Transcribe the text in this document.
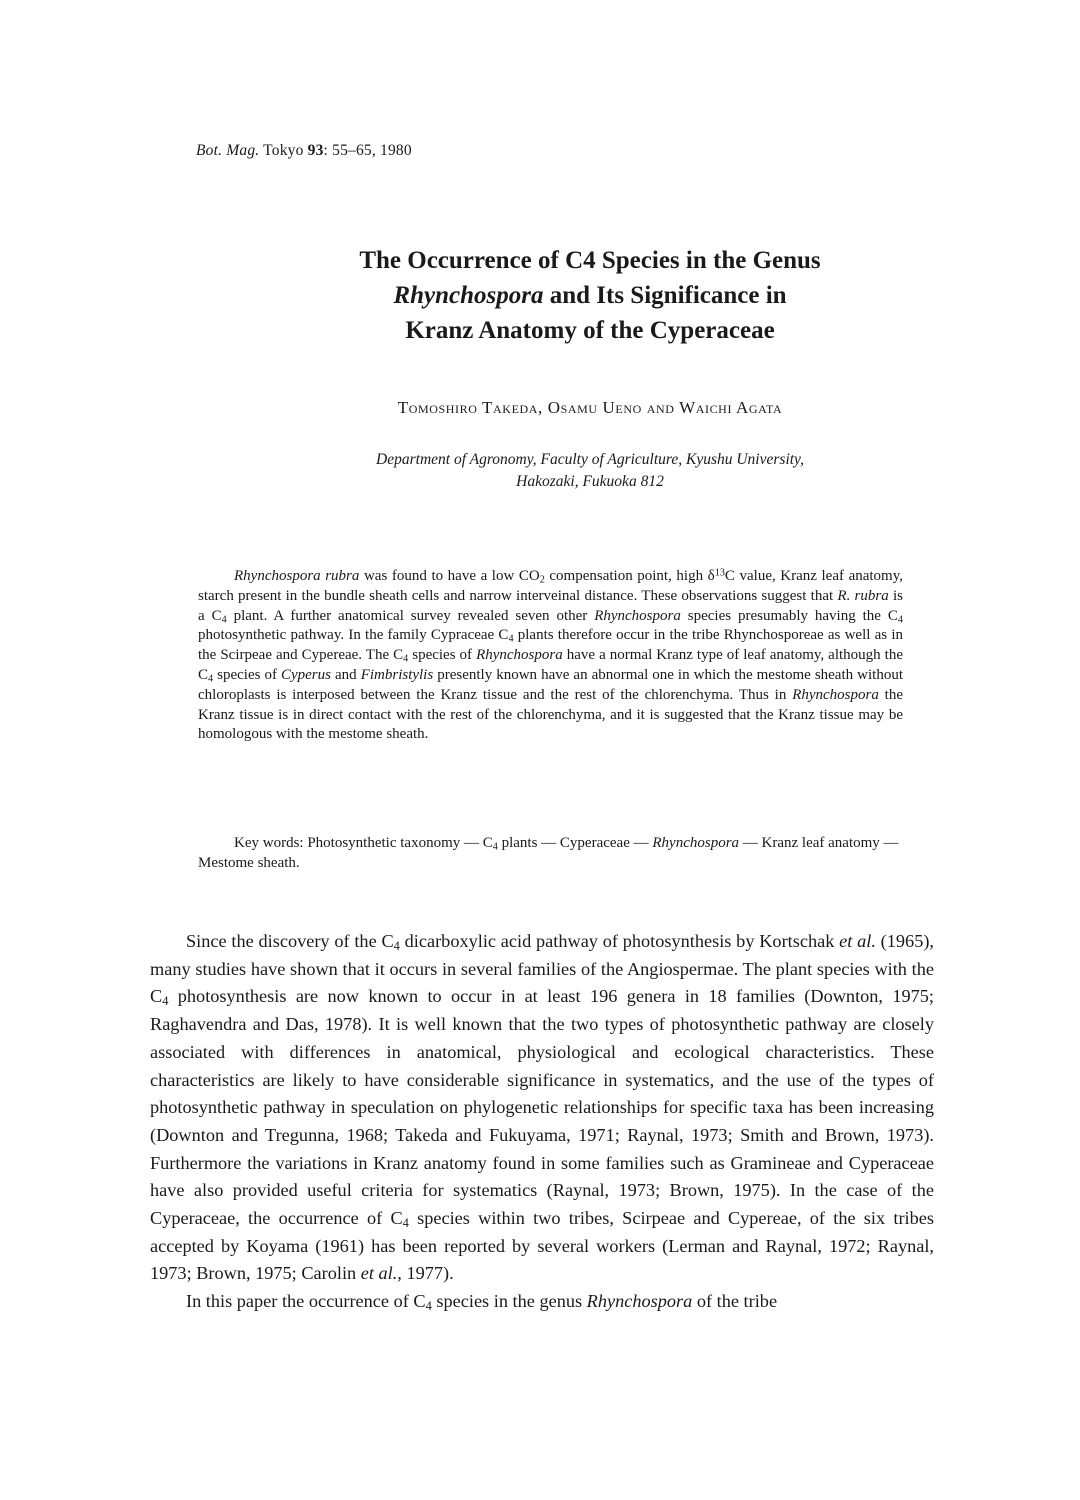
Bot. Mag. Tokyo 93: 55–65, 1980
The Occurrence of C4 Species in the Genus
Rhynchospora and Its Significance in
Kranz Anatomy of the Cyperaceae
Tomoshiro Takeda, Osamu Ueno and Waichi Agata
Department of Agronomy, Faculty of Agriculture, Kyushu University,
Hakozaki, Fukuoka 812

Rhynchospora rubra was found to have a low $CO_2$ compensation point, high $\delta^{13}C$ value, Kranz leaf anatomy, starch present in the bundle sheath cells and narrow interveinal distance. These observations suggest that R. rubra is a $C_4$ plant. A further anatomical survey revealed seven other Rhynchospora species presumably having the $C_4$ photosynthetic pathway. In the family Cypraceae $C_4$ plants therefore occur in the tribe Rhynchosporeae as well as in the Scirpeae and Cypereae. The $C_4$ species of Rhynchospora have a normal Kranz type of leaf anatomy, although the $C_4$ species of Cyperus and Fimbristylis presently known have an abnormal one in which the mestome sheath without chloroplasts is interposed between the Kranz tissue and the rest of the chlorenchyma. Thus in Rhynchospora the Kranz tissue is in direct contact with the rest of the chlorenchyma, and it is suggested that the Kranz tissue may be homologous with the mestome sheath.

Key words: Photosynthetic taxonomy — $C_4$ plants — Cyperaceae — Rhynchospora — Kranz leaf anatomy — Mestome sheath.

Since the discovery of the $C_4$ dicarboxylic acid pathway of photosynthesis by Kortschak et al. (1965), many studies have shown that it occurs in several families of the Angiospermae. The plant species with the $C_4$ photosynthesis are now known to occur in at least 196 genera in 18 families (Downton, 1975; Raghavendra and Das, 1978). It is well known that the two types of photosynthetic pathway are closely associated with differences in anatomical, physiological and ecological characteristics. These characteristics are likely to have considerable significance in systematics, and the use of the types of photosynthetic pathway in speculation on phylogenetic relationships for specific taxa has been increasing (Downton and Tregunna, 1968; Takeda and Fukuyama, 1971; Raynal, 1973; Smith and Brown, 1973). Furthermore the variations in Kranz anatomy found in some families such as Gramineae and Cyperaceae have also provided useful criteria for systematics (Raynal, 1973; Brown, 1975). In the case of the Cyperaceae, the occurrence of $C_4$ species within two tribes, Scirpeae and Cypereae, of the six tribes accepted by Koyama (1961) has been reported by several workers (Lerman and Raynal, 1972; Raynal, 1973; Brown, 1975; Carolin et al., 1977).

In this paper the occurrence of $C_4$ species in the genus Rhynchospora of the tribe
